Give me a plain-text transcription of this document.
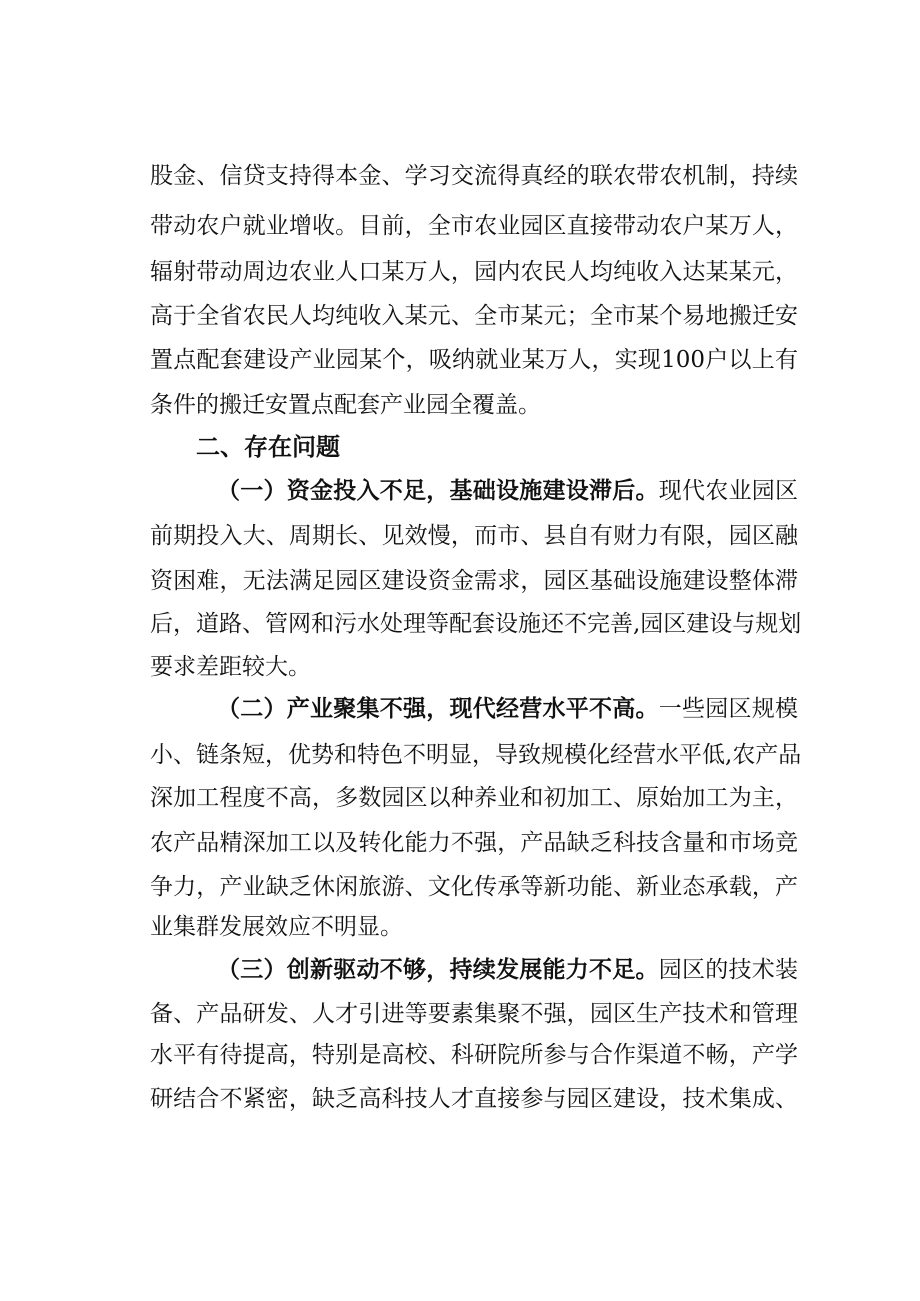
股金、信贷支持得本金、学习交流得真经的联农带农机制，持续

带动农户就业增收。目前，全市农业园区直接带动农户某万人，

辐射带动周边农业人口某万人，园内农民人均纯收入达某某元，

高于全省农民人均纯收入某元、全市某元；全市某个易地搬迁安

置点配套建设产业园某个，吸纳就业某万人，实现100户以上有

条件的搬迁安置点配套产业园全覆盖。

二、存在问题

（一）资金投入不足，基础设施建设滞后。现代农业园区

前期投入大、周期长、见效慢，而市、县自有财力有限，园区融

资困难，无法满足园区建设资金需求，园区基础设施建设整体滞

后，道路、管网和污水处理等配套设施还不完善,园区建设与规划

要求差距较大。

（二）产业聚集不强，现代经营水平不高。一些园区规模

小、链条短，优势和特色不明显，导致规模化经营水平低,农产品

深加工程度不高，多数园区以种养业和初加工、原始加工为主，

农产品精深加工以及转化能力不强，产品缺乏科技含量和市场竞

争力，产业缺乏休闲旅游、文化传承等新功能、新业态承载，产

业集群发展效应不明显。

（三）创新驱动不够，持续发展能力不足。园区的技术装

备、产品研发、人才引进等要素集聚不强，园区生产技术和管理

水平有待提高，特别是高校、科研院所参与合作渠道不畅，产学

研结合不紧密，缺乏高科技人才直接参与园区建设，技术集成、
